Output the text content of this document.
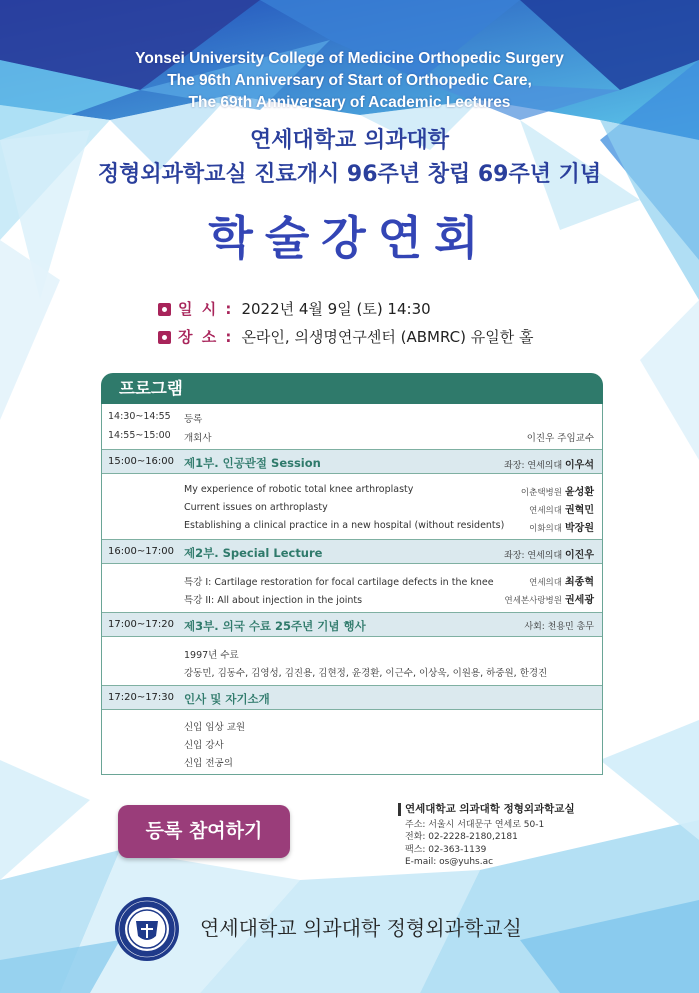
Yonsei University College of Medicine Orthopedic Surgery
The 96th Anniversary of Start of Orthopedic Care,
The 69th Anniversary of Academic Lectures
연세대학교 의과대학
정형외과학교실 진료개시 96주년 창립 69주년 기념
학술강연회
일 시 : 2022년 4월 9일 (토) 14:30
장 소 : 온라인, 의생명연구센터 (ABMRC) 유일한 홀
프로그램
14:30~14:55 등록
14:55~15:00 개회사	이진우 주임교수
15:00~16:00 제1부. 인공관절 Session	좌장: 연세의대 이우석
My experience of robotic total knee arthroplasty	이춘택병원 윤성환
Current issues on arthroplasty	연세의대 권혁민
Establishing a clinical practice in a new hospital (without residents)	이화의대 박장원
16:00~17:00 제2부. Special Lecture	좌장: 연세의대 이진우
특강 I: Cartilage restoration for focal cartilage defects in the knee	연세의대 최종혁
특강 II: All about injection in the joints	연세본사랑병원 권세광
17:00~17:20 제3부. 의국 수료 25주년 기념 행사	사회: 천용민 총무
1997년 수료
강동민, 김동수, 김영성, 김진용, 김현정, 윤경환, 이근수, 이상욱, 이원용, 하중원, 한경진
17:20~17:30 인사 및 자기소개
신입 임상 교원
신입 강사
신입 전공의
등록 참여하기
연세대학교 의과대학 정형외과학교실
주소: 서울시 서대문구 연세로 50-1
전화: 02-2228-2180,2181
팩스: 02-363-1139
E-mail: os@yuhs.ac
연세대학교 의과대학 정형외과학교실
